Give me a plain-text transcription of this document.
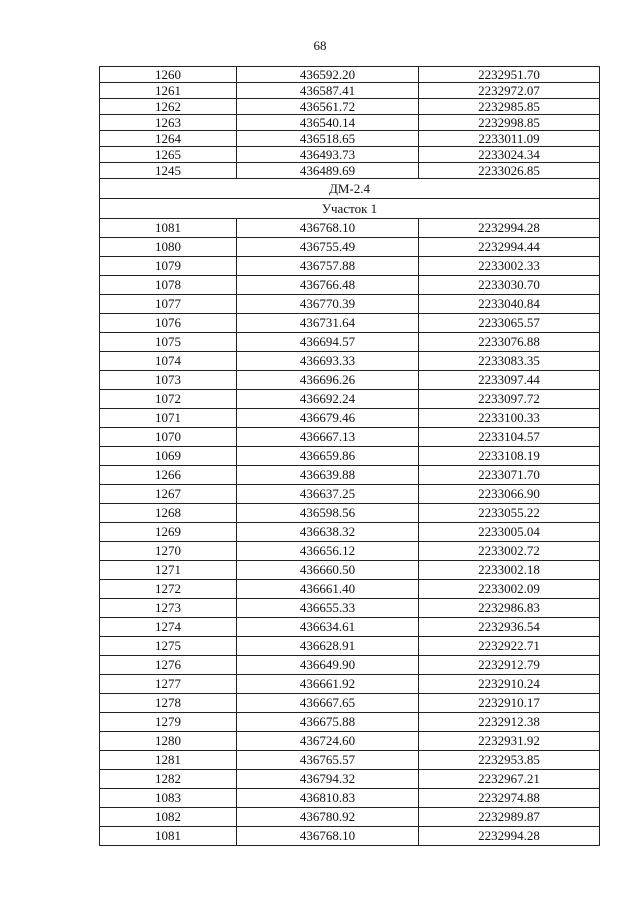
68
1260	436592.20	2232951.70
1261	436587.41	2232972.07
1262	436561.72	2232985.85
1263	436540.14	2232998.85
1264	436518.65	2233011.09
1265	436493.73	2233024.34
1245	436489.69	2233026.85
ДМ-2.4		
Участок 1		
1081	436768.10	2232994.28
1080	436755.49	2232994.44
1079	436757.88	2233002.33
1078	436766.48	2233030.70
1077	436770.39	2233040.84
1076	436731.64	2233065.57
1075	436694.57	2233076.88
1074	436693.33	2233083.35
1073	436696.26	2233097.44
1072	436692.24	2233097.72
1071	436679.46	2233100.33
1070	436667.13	2233104.57
1069	436659.86	2233108.19
1266	436639.88	2233071.70
1267	436637.25	2233066.90
1268	436598.56	2233055.22
1269	436638.32	2233005.04
1270	436656.12	2233002.72
1271	436660.50	2233002.18
1272	436661.40	2233002.09
1273	436655.33	2232986.83
1274	436634.61	2232936.54
1275	436628.91	2232922.71
1276	436649.90	2232912.79
1277	436661.92	2232910.24
1278	436667.65	2232910.17
1279	436675.88	2232912.38
1280	436724.60	2232931.92
1281	436765.57	2232953.85
1282	436794.32	2232967.21
1083	436810.83	2232974.88
1082	436780.92	2232989.87
1081	436768.10	2232994.28
